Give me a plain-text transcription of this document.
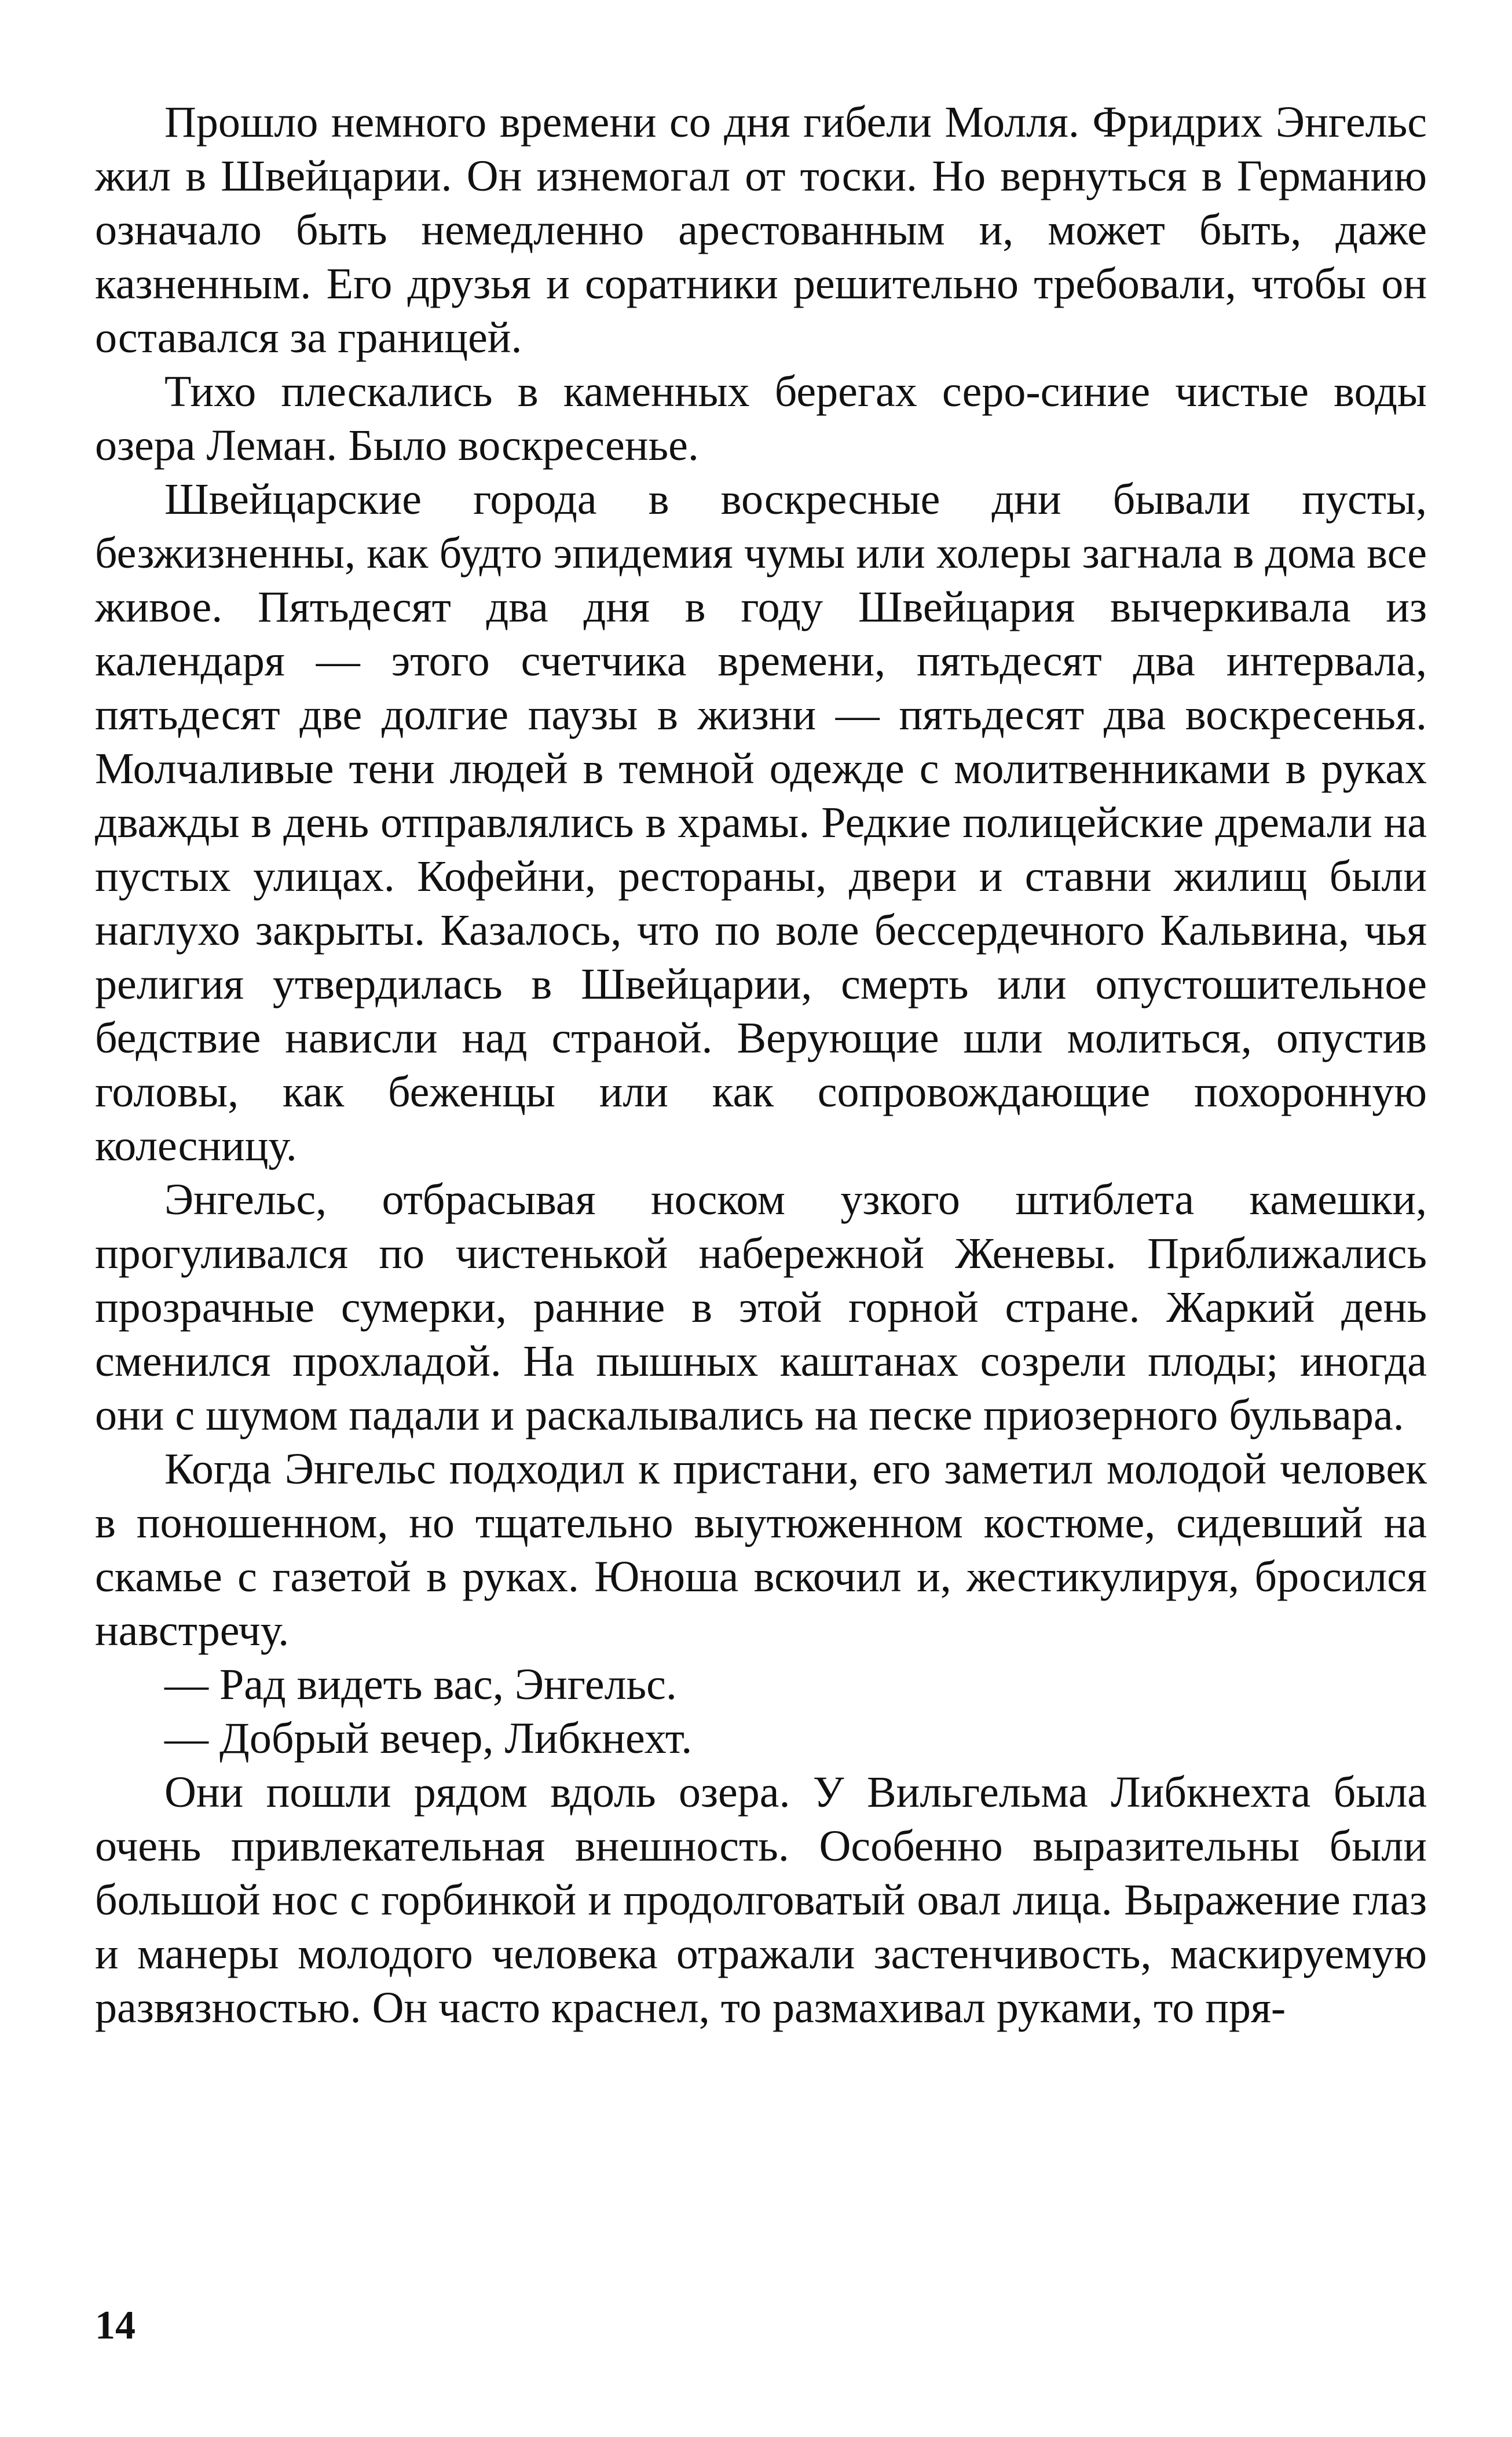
Прошло немного времени со дня гибели Молля. Фридрих Энгельс жил в Швейцарии. Он изнемогал от тоски. Но вернуться в Германию означало быть немедленно арестованным и, может быть, даже казненным. Его друзья и соратники решительно требовали, чтобы он оставался за границей.

Тихо плескались в каменных берегах серо-синие чистые воды озера Леман. Было воскресенье.

Швейцарские города в воскресные дни бывали пусты, безжизненны, как будто эпидемия чумы или холеры загнала в дома все живое. Пятьдесят два дня в году Швейцария вычеркивала из календаря — этого счетчика времени, пятьдесят два интервала, пятьдесят две долгие паузы в жизни — пятьдесят два воскресенья. Молчаливые тени людей в темной одежде с молитвенниками в руках дважды в день отправлялись в храмы. Редкие полицейские дремали на пустых улицах. Кофейни, рестораны, двери и ставни жилищ были наглухо закрыты. Казалось, что по воле бессердечного Кальвина, чья религия утвердилась в Швейцарии, смерть или опустошительное бедствие нависли над страной. Верующие шли молиться, опустив головы, как беженцы или как сопровождающие похоронную колесницу.

Энгельс, отбрасывая носком узкого штиблета камешки, прогуливался по чистенькой набережной Женевы. Приближались прозрачные сумерки, ранние в этой горной стране. Жаркий день сменился прохладой. На пышных каштанах созрели плоды; иногда они с шумом падали и раскалывались на песке приозерного бульвара.

Когда Энгельс подходил к пристани, его заметил молодой человек в поношенном, но тщательно выутюженном костюме, сидевший на скамье с газетой в руках. Юноша вскочил и, жестикулируя, бросился навстречу.

— Рад видеть вас, Энгельс.

— Добрый вечер, Либкнехт.

Они пошли рядом вдоль озера. У Вильгельма Либкнехта была очень привлекательная внешность. Особенно выразительны были большой нос с горбинкой и продолговатый овал лица. Выражение глаз и манеры молодого человека отражали застенчивость, маскируемую развязностью. Он часто краснел, то размахивал руками, то пря-

14
